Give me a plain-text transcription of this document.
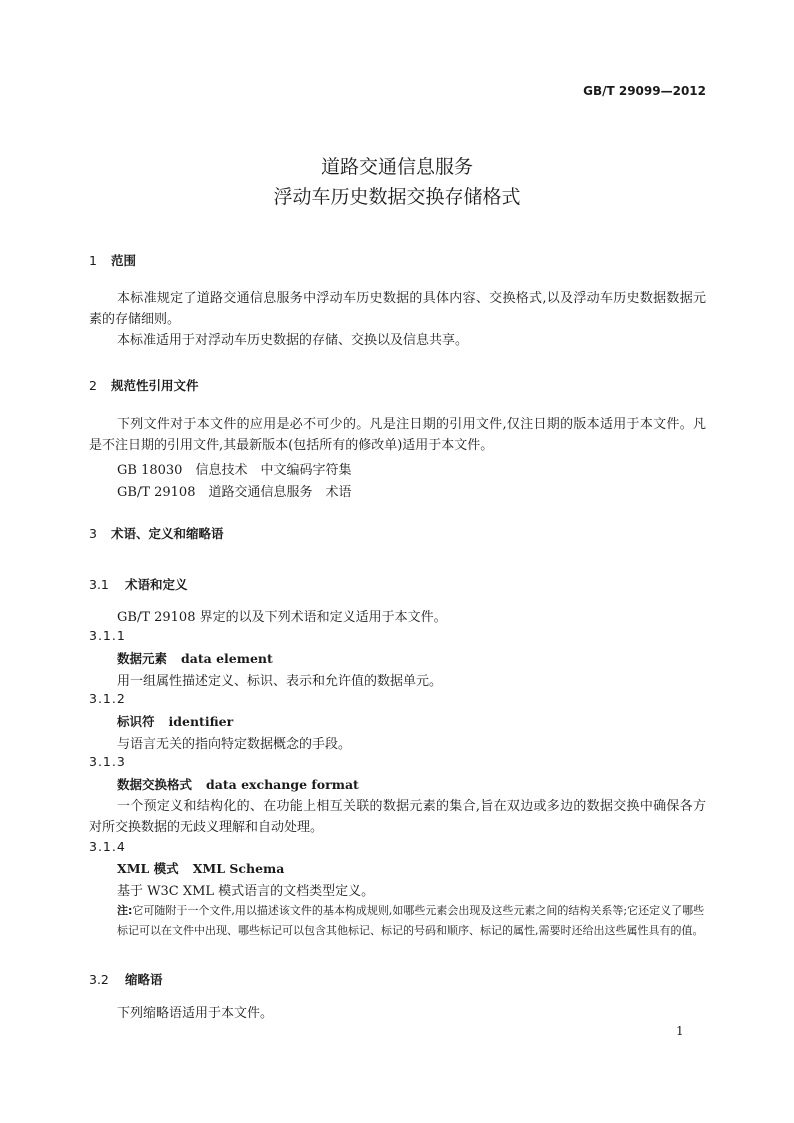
GB/T 29099—2012
道路交通信息服务
浮动车历史数据交换存储格式
1 范围
本标准规定了道路交通信息服务中浮动车历史数据的具体内容、交换格式,以及浮动车历史数据数据元素的存储细则。
本标准适用于对浮动车历史数据的存储、交换以及信息共享。
2 规范性引用文件
下列文件对于本文件的应用是必不可少的。凡是注日期的引用文件,仅注日期的版本适用于本文件。凡是不注日期的引用文件,其最新版本(包括所有的修改单)适用于本文件。
GB 18030　 信息技术　中文编码字符集
GB/T 29108　 道路交通信息服务　术语
3 术语、定义和缩略语
3.1 术语和定义
GB/T 29108 界定的以及下列术语和定义适用于本文件。
3.1.1
数据元素 data element
用一组属性描述定义、标识、表示和允许值的数据单元。
3.1.2
标识符 identifier
与语言无关的指向特定数据概念的手段。
3.1.3
数据交换格式 data exchange format
一个预定义和结构化的、在功能上相互关联的数据元素的集合,旨在双边或多边的数据交换中确保各方对所交换数据的无歧义理解和自动处理。
3.1.4
XML 模式 XML Schema
基于 W3C XML 模式语言的文档类型定义。
注:它可随附于一个文件,用以描述该文件的基本构成规则,如哪些元素会出现及这些元素之间的结构关系等;它还定义了哪些标记可以在文件中出现、哪些标记可以包含其他标记、标记的号码和顺序、标记的属性,需要时还给出这些属性具有的值。
3.2 缩略语
下列缩略语适用于本文件。
1
